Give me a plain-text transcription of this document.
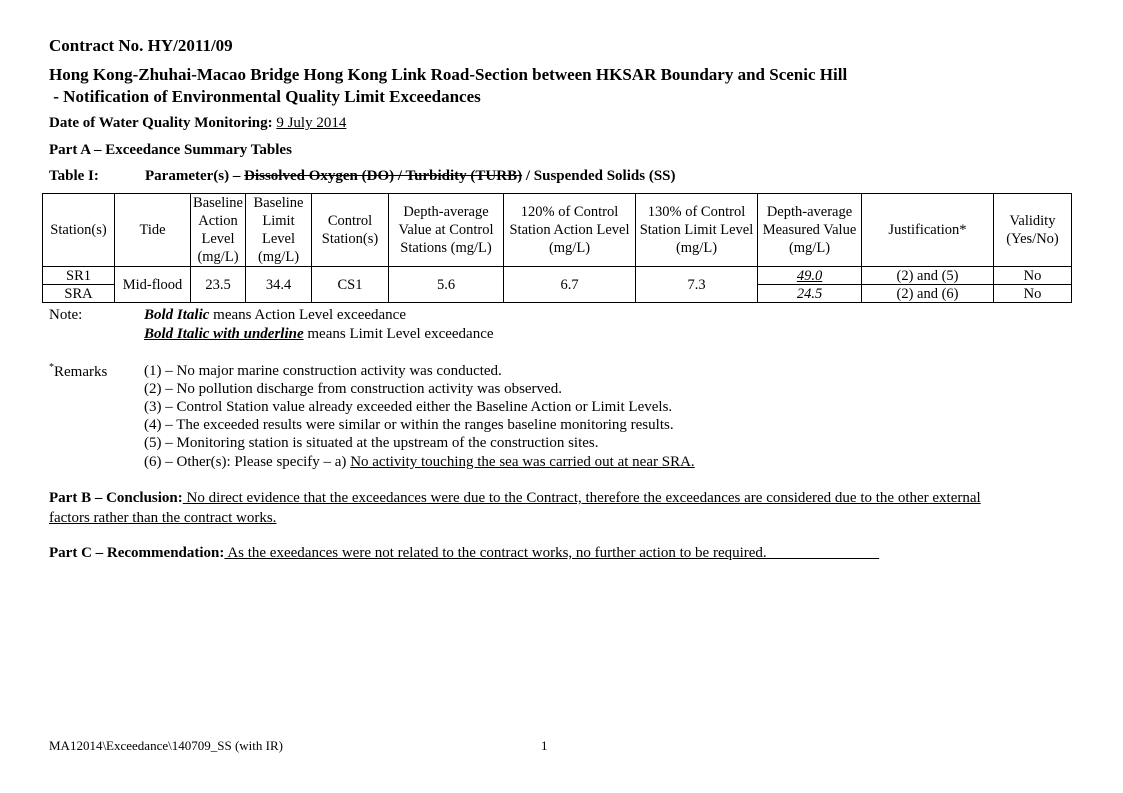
Contract No. HY/2011/09
Hong Kong-Zhuhai-Macao Bridge Hong Kong Link Road-Section between HKSAR Boundary and Scenic Hill
- Notification of Environmental Quality Limit Exceedances
Date of Water Quality Monitoring: 9 July 2014
Part A – Exceedance Summary Tables
Table I:	Parameter(s) – Dissolved Oxygen (DO) / Turbidity (TURB) / Suspended Solids (SS)
Station(s)	Tide	Baseline Action Level (mg/L)	Baseline Limit Level (mg/L)	Control Station(s)	Depth-average Value at Control Stations (mg/L)	120% of Control Station Action Level (mg/L)	130% of Control Station Limit Level (mg/L)	Depth-average Measured Value (mg/L)	Justification*	Validity (Yes/No)
SR1	Mid-flood	23.5	34.4	CS1	5.6	6.7	7.3	49.0	(2) and (5)	No
SRA								24.5	(2) and (6)	No
Note:	Bold Italic means Action Level exceedance
Bold Italic with underline means Limit Level exceedance
*Remarks (1) – No major marine construction activity was conducted.
(2) – No pollution discharge from construction activity was observed.
(3) – Control Station value already exceeded either the Baseline Action or Limit Levels.
(4) – The exceeded results were similar or within the ranges baseline monitoring results.
(5) – Monitoring station is situated at the upstream of the construction sites.
(6) – Other(s): Please specify – a) No activity touching the sea was carried out at near SRA.
Part B – Conclusion: No direct evidence that the exceedances were due to the Contract, therefore the exceedances are considered due to the other external
factors rather than the contract works.
Part C – Recommendation: As the exeedances were not related to the contract works, no further action to be required.
MA12014\Exceedance\140709_SS (with IR)	1
